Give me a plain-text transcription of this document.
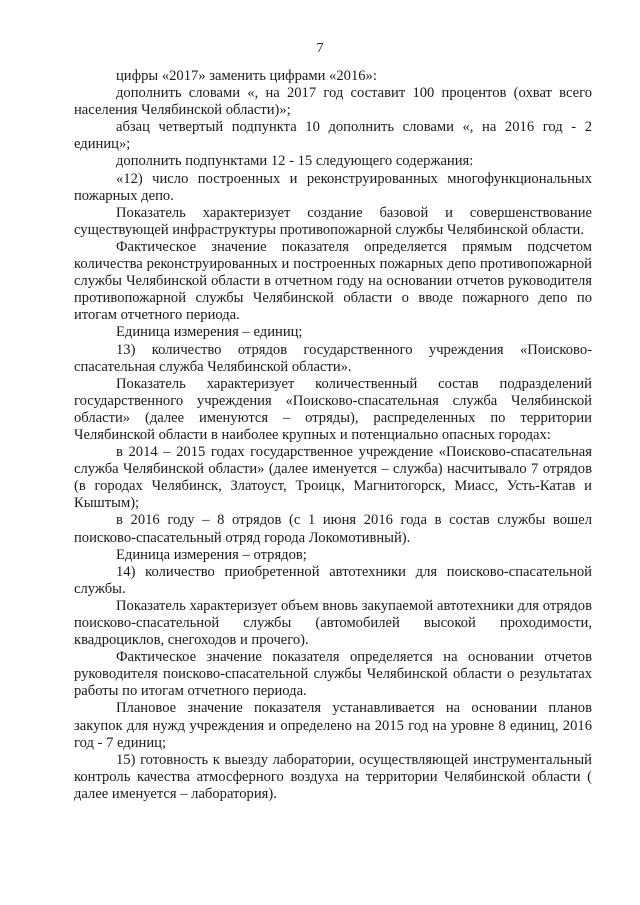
7

цифры «2017» заменить цифрами «2016»:

дополнить словами «, на 2017 год составит 100 процентов (охват всего населения Челябинской области)»;

абзац четвертый подпункта 10 дополнить словами «, на 2016 год - 2 единиц»;

дополнить подпунктами 12 - 15 следующего содержания:

«12) число построенных и реконструированных многофункциональных пожарных депо.

Показатель характеризует создание базовой и совершенствование существующей инфраструктуры противопожарной службы Челябинской области.

Фактическое значение показателя определяется прямым подсчетом количества реконструированных и построенных пожарных депо противопожарной службы Челябинской области в отчетном году на основании отчетов руководителя противопожарной службы Челябинской области о вводе пожарного депо по итогам отчетного периода.

Единица измерения – единиц;

13) количество отрядов государственного учреждения «Поисково-спасательная служба Челябинской области».

Показатель характеризует количественный состав подразделений государственного учреждения «Поисково-спасательная служба Челябинской области» (далее именуются – отряды), распределенных по территории Челябинской области в наиболее крупных и потенциально опасных городах:

в 2014 – 2015 годах государственное учреждение «Поисково-спасательная служба Челябинской области» (далее именуется – служба) насчитывало 7 отрядов (в городах Челябинск, Златоуст, Троицк, Магнитогорск, Миасс, Усть-Катав и Кыштым);

в 2016 году – 8 отрядов (с 1 июня 2016 года в состав службы вошел поисково-спасательный отряд города Локомотивный).

Единица измерения – отрядов;

14) количество приобретенной автотехники для поисково-спасательной службы.

Показатель характеризует объем вновь закупаемой автотехники для отрядов поисково-спасательной службы (автомобилей высокой проходимости, квадроциклов, снегоходов и прочего).

Фактическое значение показателя определяется на основании отчетов руководителя поисково-спасательной службы Челябинской области о результатах работы по итогам отчетного периода.

Плановое значение показателя устанавливается на основании планов закупок для нужд учреждения и определено на 2015 год на уровне 8 единиц, 2016 год - 7 единиц;

15) готовность к выезду лаборатории, осуществляющей инструментальный контроль качества атмосферного воздуха на территории Челябинской области ( далее именуется – лаборатория).
